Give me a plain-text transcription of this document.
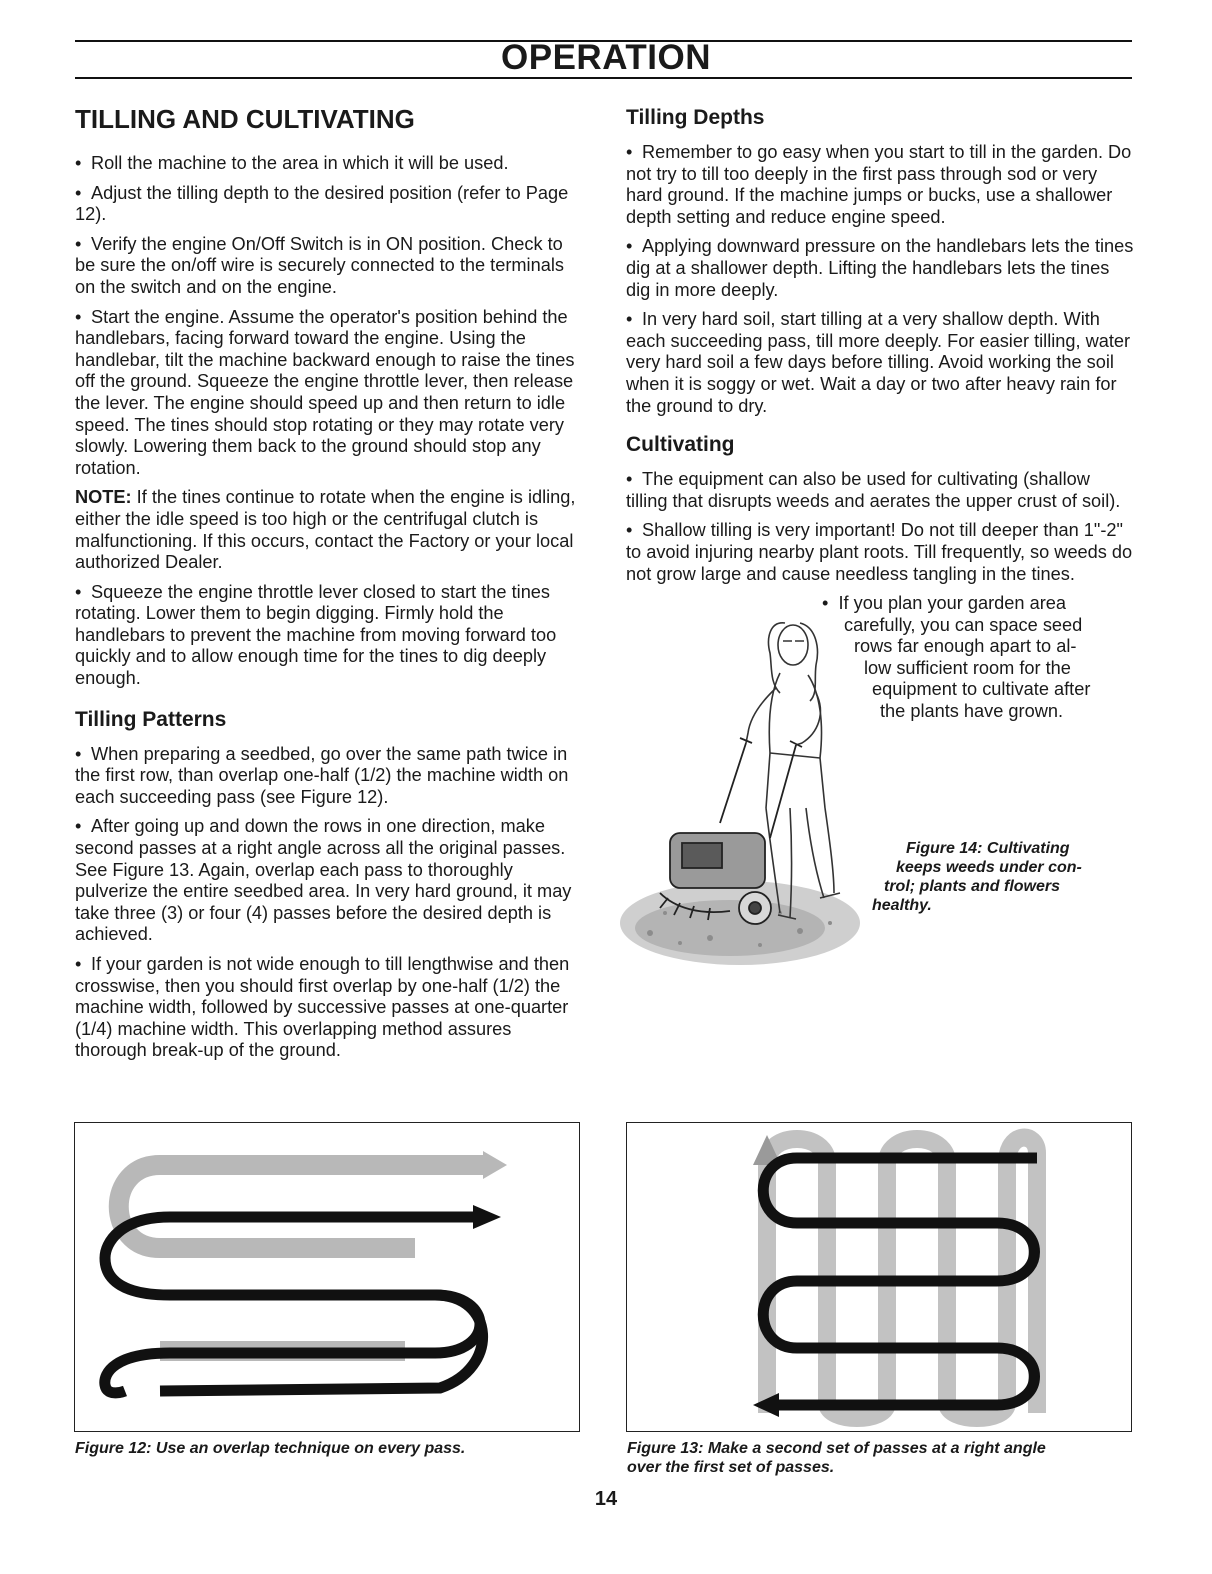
OPERATION
TILLING AND CULTIVATING

• Roll the machine to the area in which it will be used.

• Adjust the tilling depth to the desired position (refer to Page 12).

• Verify the engine On/Off Switch is in ON position. Check to be sure the on/off wire is securely connected to the terminals on the switch and on the engine.

• Start the engine. Assume the operator's position behind the handlebars, facing forward toward the engine. Using the handlebar, tilt the machine backward enough to raise the tines off the ground. Squeeze the engine throttle lever, then release the lever. The engine should speed up and then return to idle speed. The tines should stop rotating or they may rotate very slowly. Lowering them back to the ground should stop any rotation.

NOTE: If the tines continue to rotate when the engine is idling, either the idle speed is too high or the centrifugal clutch is malfunctioning. If this occurs, contact the Factory or your local authorized Dealer.

• Squeeze the engine throttle lever closed to start the tines rotating. Lower them to begin digging. Firmly hold the handlebars to prevent the machine from moving forward too quickly and to allow enough time for the tines to dig deeply enough.

Tilling Patterns

• When preparing a seedbed, go over the same path twice in the first row, than overlap one-half (1/2) the machine width on each succeeding pass (see Figure 12).

• After going up and down the rows in one direction, make second passes at a right angle across all the original passes. See Figure 13. Again, overlap each pass to thoroughly pulverize the entire seedbed area. In very hard ground, it may take three (3) or four (4) passes before the desired depth is achieved.

• If your garden is not wide enough to till lengthwise and then crosswise, then you should first overlap by one-half (1/2) the machine width, followed by successive passes at one-quarter (1/4) machine width. This overlapping method assures thorough break-up of the ground.

Tilling Depths

• Remember to go easy when you start to till in the garden. Do not try to till too deeply in the first pass through sod or very hard ground. If the machine jumps or bucks, use a shallower depth setting and reduce engine speed.

• Applying downward pressure on the handlebars lets the tines dig at a shallower depth. Lifting the handlebars lets the tines dig in more deeply.

• In very hard soil, start tilling at a very shallow depth. With each succeeding pass, till more deeply. For easier tilling, water very hard soil a few days before tilling. Avoid working the soil when it is soggy or wet. Wait a day or two after heavy rain for the ground to dry.

Cultivating

• The equipment can also be used for cultivating (shallow tilling that disrupts weeds and aerates the upper crust of soil).

• Shallow tilling is very important! Do not till deeper than 1"-2" to avoid injuring nearby plant roots. Till frequently, so weeds do not grow large and cause needless tangling in the tines.

• If you plan your garden area
carefully, you can space seed
rows far enough apart to al-
low sufficient room for the
equipment to cultivate after
the plants have grown.
Figure 14: Cultivating
keeps weeds under con-
trol; plants and flowers
healthy.
Figure 12: Use an overlap technique on every pass.	Figure 13: Make a second set of passes at a right angle
over the first set of passes.
14
